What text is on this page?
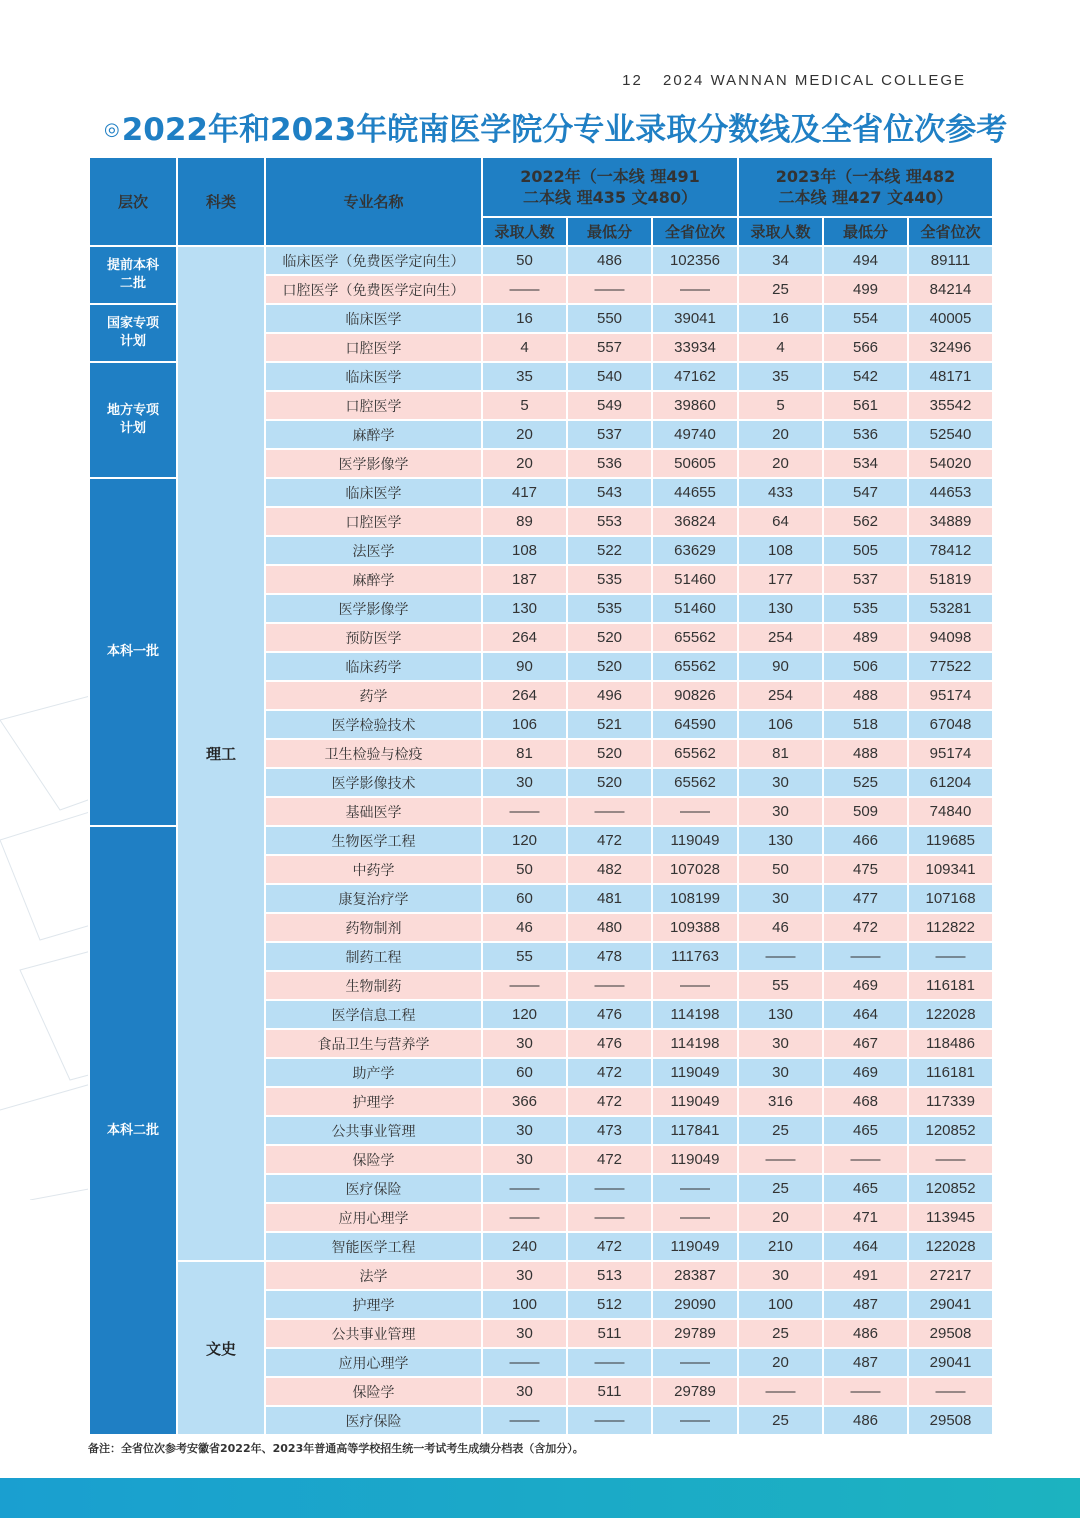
12 2024 WANNAN MEDICAL COLLEGE
◎2022年和2023年皖南医学院分专业录取分数线及全省位次参考
层次	科类	专业名称	2022年（一本线 理491
二本线 理435 文480）			2023年（一本线 理482
二本线 理427 文440）		
			录取人数	最低分	全省位次	录取人数	最低分	全省位次
提前本科
二批	理工	临床医学（免费医学定向生）	50	486	102356	34	494	89111
		口腔医学（免费医学定向生）	——	——	——	25	499	84214
国家专项
计划		临床医学	16	550	39041	16	554	40005
		口腔医学	4	557	33934	4	566	32496
地方专项
计划		临床医学	35	540	47162	35	542	48171
		口腔医学	5	549	39860	5	561	35542
		麻醉学	20	537	49740	20	536	52540
		医学影像学	20	536	50605	20	534	54020
本科一批		临床医学	417	543	44655	433	547	44653
		口腔医学	89	553	36824	64	562	34889
		法医学	108	522	63629	108	505	78412
		麻醉学	187	535	51460	177	537	51819
		医学影像学	130	535	51460	130	535	53281
		预防医学	264	520	65562	254	489	94098
		临床药学	90	520	65562	90	506	77522
		药学	264	496	90826	254	488	95174
		医学检验技术	106	521	64590	106	518	67048
		卫生检验与检疫	81	520	65562	81	488	95174
		医学影像技术	30	520	65562	30	525	61204
		基础医学	——	——	——	30	509	74840
本科二批		生物医学工程	120	472	119049	130	466	119685
		中药学	50	482	107028	50	475	109341
		康复治疗学	60	481	108199	30	477	107168
		药物制剂	46	480	109388	46	472	112822
		制药工程	55	478	111763	——	——	——
		生物制药	——	——	——	55	469	116181
		医学信息工程	120	476	114198	130	464	122028
		食品卫生与营养学	30	476	114198	30	467	118486
		助产学	60	472	119049	30	469	116181
		护理学	366	472	119049	316	468	117339
		公共事业管理	30	473	117841	25	465	120852
		保险学	30	472	119049	——	——	——
		医疗保险	——	——	——	25	465	120852
		应用心理学	——	——	——	20	471	113945
		智能医学工程	240	472	119049	210	464	122028
	文史	法学	30	513	28387	30	491	27217
		护理学	100	512	29090	100	487	29041
		公共事业管理	30	511	29789	25	486	29508
		应用心理学	——	——	——	20	487	29041
		保险学	30	511	29789	——	——	——
		医疗保险	——	——	——	25	486	29508
备注：全省位次参考安徽省2022年、2023年普通高等学校招生统一考试考生成绩分档表（含加分）。
